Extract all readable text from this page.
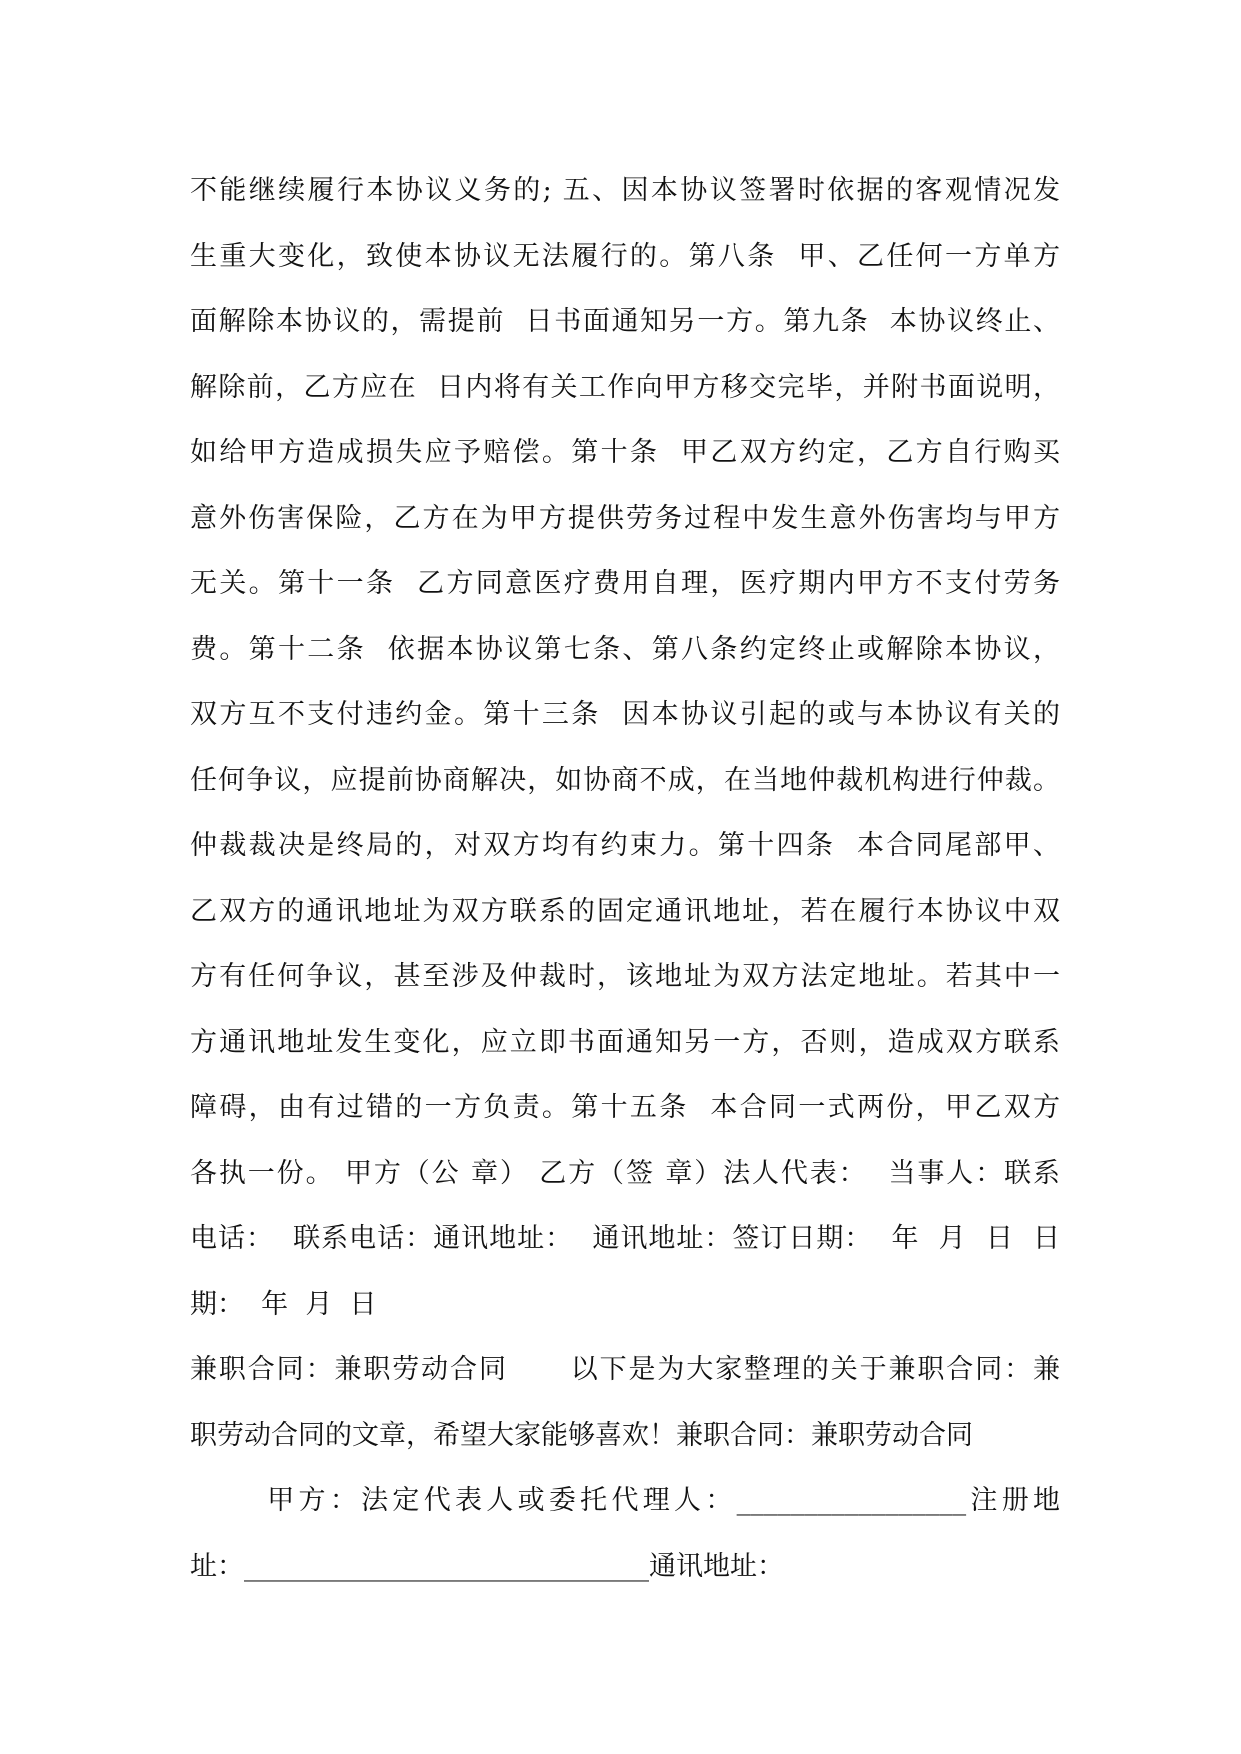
不能继续履行本协议义务的; 五、因本协议签署时依据的客观情况发
生重大变化，致使本协议无法履行的。第八条  甲、乙任何一方单方
面解除本协议的，需提前  日书面通知另一方。第九条  本协议终止、
解除前，乙方应在  日内将有关工作向甲方移交完毕，并附书面说明，
如给甲方造成损失应予赔偿。第十条  甲乙双方约定，乙方自行购买
意外伤害保险，乙方在为甲方提供劳务过程中发生意外伤害均与甲方
无关。第十一条  乙方同意医疗费用自理，医疗期内甲方不支付劳务
费。第十二条  依据本协议第七条、第八条约定终止或解除本协议，
双方互不支付违约金。第十三条  因本协议引起的或与本协议有关的
任何争议，应提前协商解决，如协商不成，在当地仲裁机构进行仲裁。
仲裁裁决是终局的，对双方均有约束力。第十四条  本合同尾部甲、
乙双方的通讯地址为双方联系的固定通讯地址，若在履行本协议中双
方有任何争议，甚至涉及仲裁时，该地址为双方法定地址。若其中一
方通讯地址发生变化，应立即书面通知另一方，否则，造成双方联系
障碍，由有过错的一方负责。第十五条  本合同一式两份，甲乙双方
各执一份。 甲方（公 章） 乙方（签 章）法人代表：  当事人：联系
电话：  联系电话：通讯地址：  通讯地址：签订日期：  年  月  日  日
期：  年  月  日
兼职合同：兼职劳动合同      以下是为大家整理的关于兼职合同：兼
职劳动合同的文章，希望大家能够喜欢！兼职合同：兼职劳动合同
甲方：法定代表人或委托代理人：_________________注册地
址：______________________________通讯地址：
